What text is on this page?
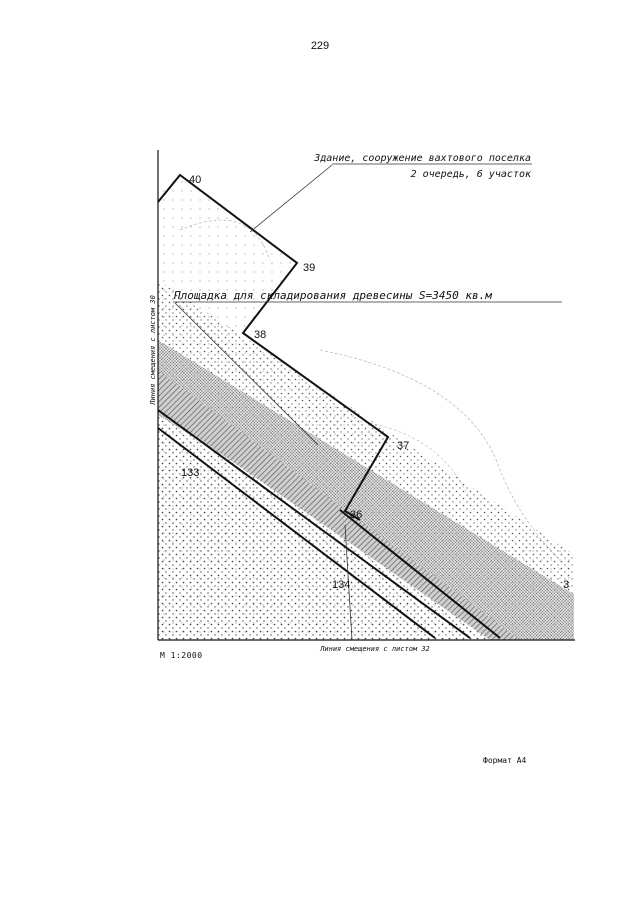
229
Здание, сооружение вахтового поселка
2 очередь, 6 участок
Площадка для складирования древесины S=3450 кв.м
40
39
38
37
36
133
134	3
Линия смещения с листом 30
Линия смещения с листом 32
М 1:2000
Формат А4
